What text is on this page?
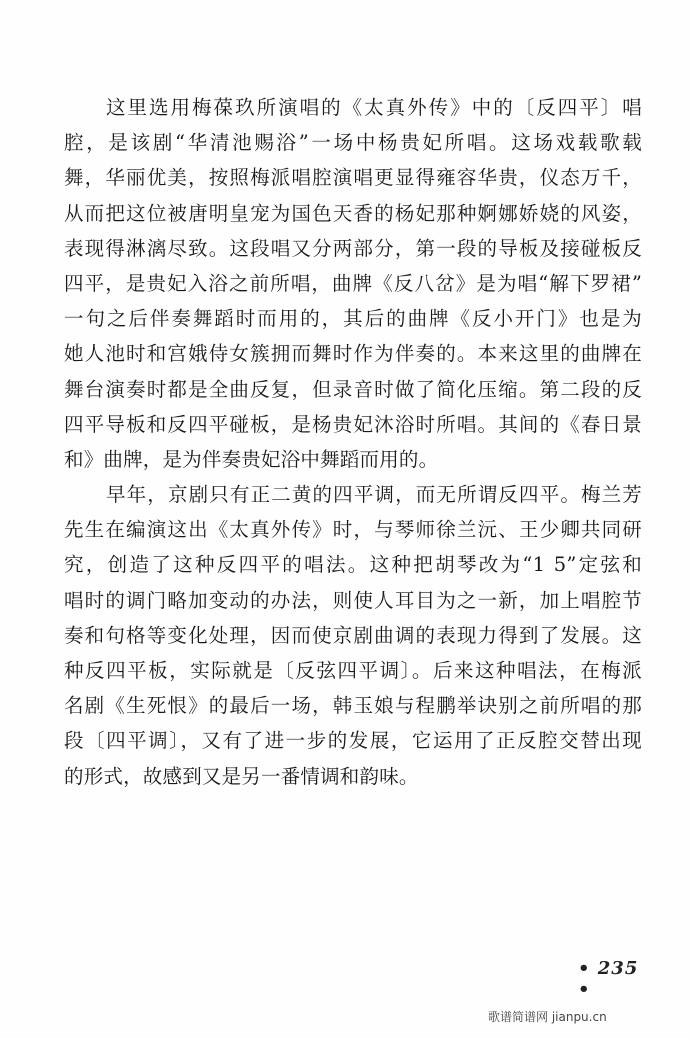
这里选用梅葆玖所演唱的《太真外传》中的〔反四平〕唱
腔，是该剧“华清池赐浴”一场中杨贵妃所唱。这场戏载歌载
舞，华丽优美，按照梅派唱腔演唱更显得雍容华贵，仪态万千，
从而把这位被唐明皇宠为国色天香的杨妃那种婀娜娇娆的风姿，
表现得淋漓尽致。这段唱又分两部分，第一段的导板及接碰板反
四平，是贵妃入浴之前所唱，曲牌《反八岔》是为唱“解下罗裙”
一句之后伴奏舞蹈时而用的，其后的曲牌《反小开门》也是为
她人池时和宫娥侍女簇拥而舞时作为伴奏的。本来这里的曲牌在
舞台演奏时都是全曲反复，但录音时做了简化压缩。第二段的反
四平导板和反四平碰板，是杨贵妃沐浴时所唱。其间的《春日景
和》曲牌，是为伴奏贵妃浴中舞蹈而用的。
早年，京剧只有正二黄的四平调，而无所谓反四平。梅兰芳
先生在编演这出《太真外传》时，与琴师徐兰沅、王少卿共同研
究，创造了这种反四平的唱法。这种把胡琴改为“1 5”定弦和
唱时的调门略加变动的办法，则使人耳目为之一新，加上唱腔节
奏和句格等变化处理，因而使京剧曲调的表现力得到了发展。这
种反四平板，实际就是〔反弦四平调〕。后来这种唱法，在梅派
名剧《生死恨》的最后一场，韩玉娘与程鹏举诀别之前所唱的那
段〔四平调〕，又有了进一步的发展，它运用了正反腔交替出现
的形式，故感到又是另一番情调和韵味。
• 235 •
歌谱简谱网 jianpu.cn
